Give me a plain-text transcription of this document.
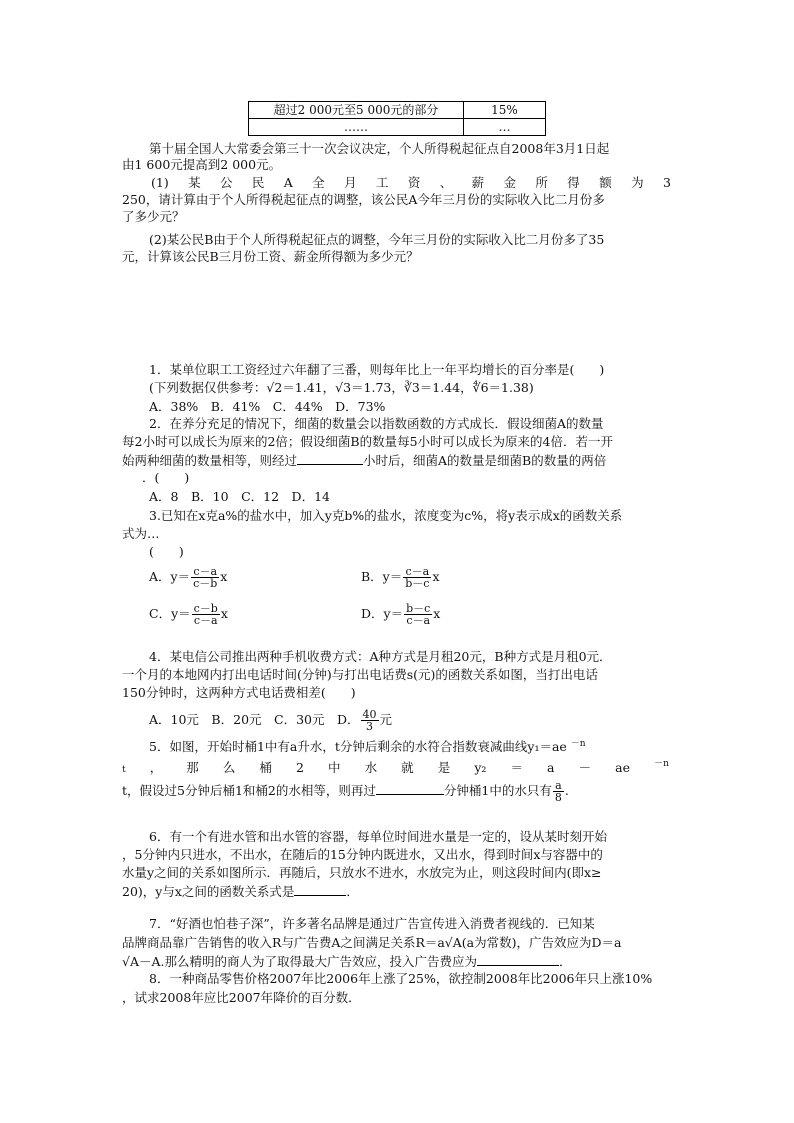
超过2 000元至5 000元的部分	15%
……	…
第十届全国人大常委会第三十一次会议决定，个人所得税起征点自2008年3月1日起
由1 600元提高到2 000元。
(1) 某 公 民 A 全 月 工 资 、 薪 金 所 得 额 为 3
250，请计算由于个人所得税起征点的调整，该公民A今年三月份的实际收入比二月份多
了多少元？
(2)某公民B由于个人所得税起征点的调整，今年三月份的实际收入比二月份多了35
元，计算该公民B三月份工资、薪金所得额为多少元？
1．某单位职工工资经过六年翻了三番，则每年比上一年平均增长的百分率是(　　)
(下列数据仅供参考：√2＝1.41，√3＝1.73，∛3＝1.44，∜6＝1.38)
A．38%　B．41%　C．44%　D．73%
2．在养分充足的情况下，细菌的数量会以指数函数的方式成长．假设细菌A的数量
每2小时可以成长为原来的2倍；假设细菌B的数量每5小时可以成长为原来的4倍．若一开
始两种细菌的数量相等，则经过	小时后，细菌A的数量是细菌B的数量的两倍
．(　　)
A．8　B．10　C．12　D．14
3.已知在x克a%的盐水中，加入y克b%的盐水，浓度变为c%，将y表示成x的函数关系
式为…
(　　)
A．$y= \frac{c-a}{c-b}$ x	B．$y= \frac{c-a}{b-c}$ x
C．$y= \frac{c-b}{c-a}$ x	D．$y= \frac{b-c}{c-a}$ x
4．某电信公司推出两种手机收费方式：A种方式是月租20元，B种方式是月租0元．
一个月的本地网内打出电话时间(分钟)与打出电话费s(元)的函数关系如图，当打出电话
150分钟时，这两种方式电话费相差(　　)
A．10元　B．20元　C．30元　D． $\frac{40}{3}$ 元
5．如图，开始时桶1中有a升水，t分钟后剩余的水符合指数衰减曲线y₁＝ae $^{-n}$
t ， 那 么 桶 2 中 水 就 是 y₂ ＝ a － ae	－n
t，假设过5分钟后桶1和桶2的水相等，则再过	分钟桶1中的水只有 $\frac{a}{8}$ .
6．有一个有进水管和出水管的容器，每单位时间进水量是一定的，设从某时刻开始
，5分钟内只进水，不出水，在随后的15分钟内既进水，又出水，得到时间x与容器中的
水量y之间的关系如图所示．再随后，只放水不进水，水放完为止，则这段时间内(即x≥
20)，y与x之间的函数关系式是	．
7．“好酒也怕巷子深”，许多著名品牌是通过广告宣传进入消费者视线的．已知某
品牌商品靠广告销售的收入R与广告费A之间满足关系R＝a√A(a为常数)，广告效应为D＝a
√A－A.那么精明的商人为了取得最大广告效应，投入广告费应为	．
8．一种商品零售价格2007年比2006年上涨了25%，欲控制2008年比2006年只上涨10%
，试求2008年应比2007年降价的百分数．
